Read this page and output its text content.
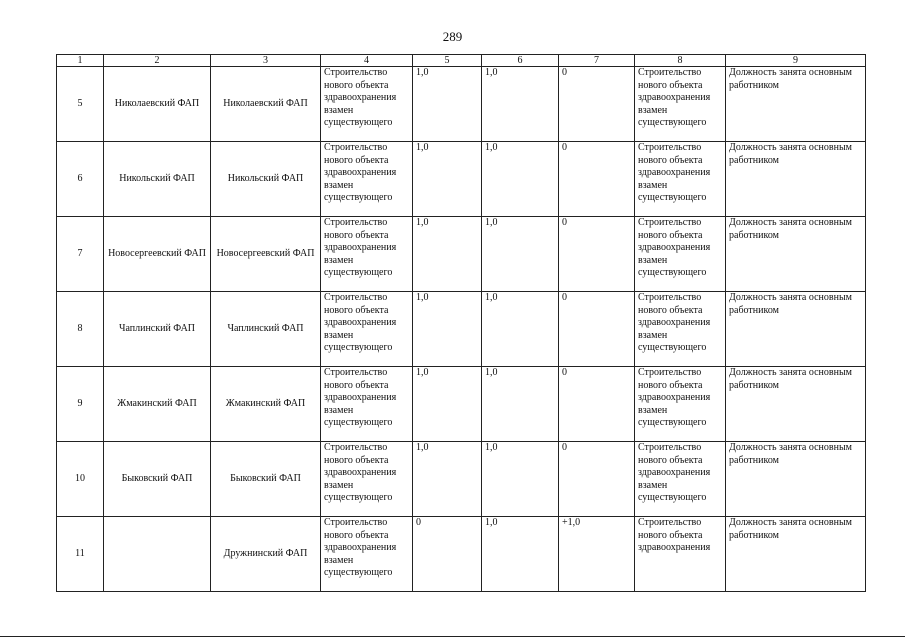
289
1	2	3	4	5	6	7	8	9
5	Николаевский ФАП	Николаевский ФАП	Строительство нового объекта здравоохранения взамен существующего	1,0	1,0	0	Строительство нового объекта здравоохранения взамен существующего	Должность занята основным работником
6	Никольский ФАП	Никольский ФАП	Строительство нового объекта здравоохранения взамен существующего	1,0	1,0	0	Строительство нового объекта здравоохранения взамен существующего	Должность занята основным работником
7	Новосергеевский ФАП	Новосергеевский ФАП	Строительство нового объекта здравоохранения взамен существующего	1,0	1,0	0	Строительство нового объекта здравоохранения взамен существующего	Должность занята основным работником
8	Чаплинский ФАП	Чаплинский ФАП	Строительство нового объекта здравоохранения взамен существующего	1,0	1,0	0	Строительство нового объекта здравоохранения взамен существующего	Должность занята основным работником
9	Жмакинский ФАП	Жмакинский ФАП	Строительство нового объекта здравоохранения взамен существующего	1,0	1,0	0	Строительство нового объекта здравоохранения взамен существующего	Должность занята основным работником
10	Быковский ФАП	Быковский ФАП	Строительство нового объекта здравоохранения взамен существующего	1,0	1,0	0	Строительство нового объекта здравоохранения взамен существующего	Должность занята основным работником
11		Дружнинский ФАП	Строительство нового объекта здравоохранения взамен существующего	0	1,0	+1,0	Строительство нового объекта здравоохранения	Должность занята основным работником
